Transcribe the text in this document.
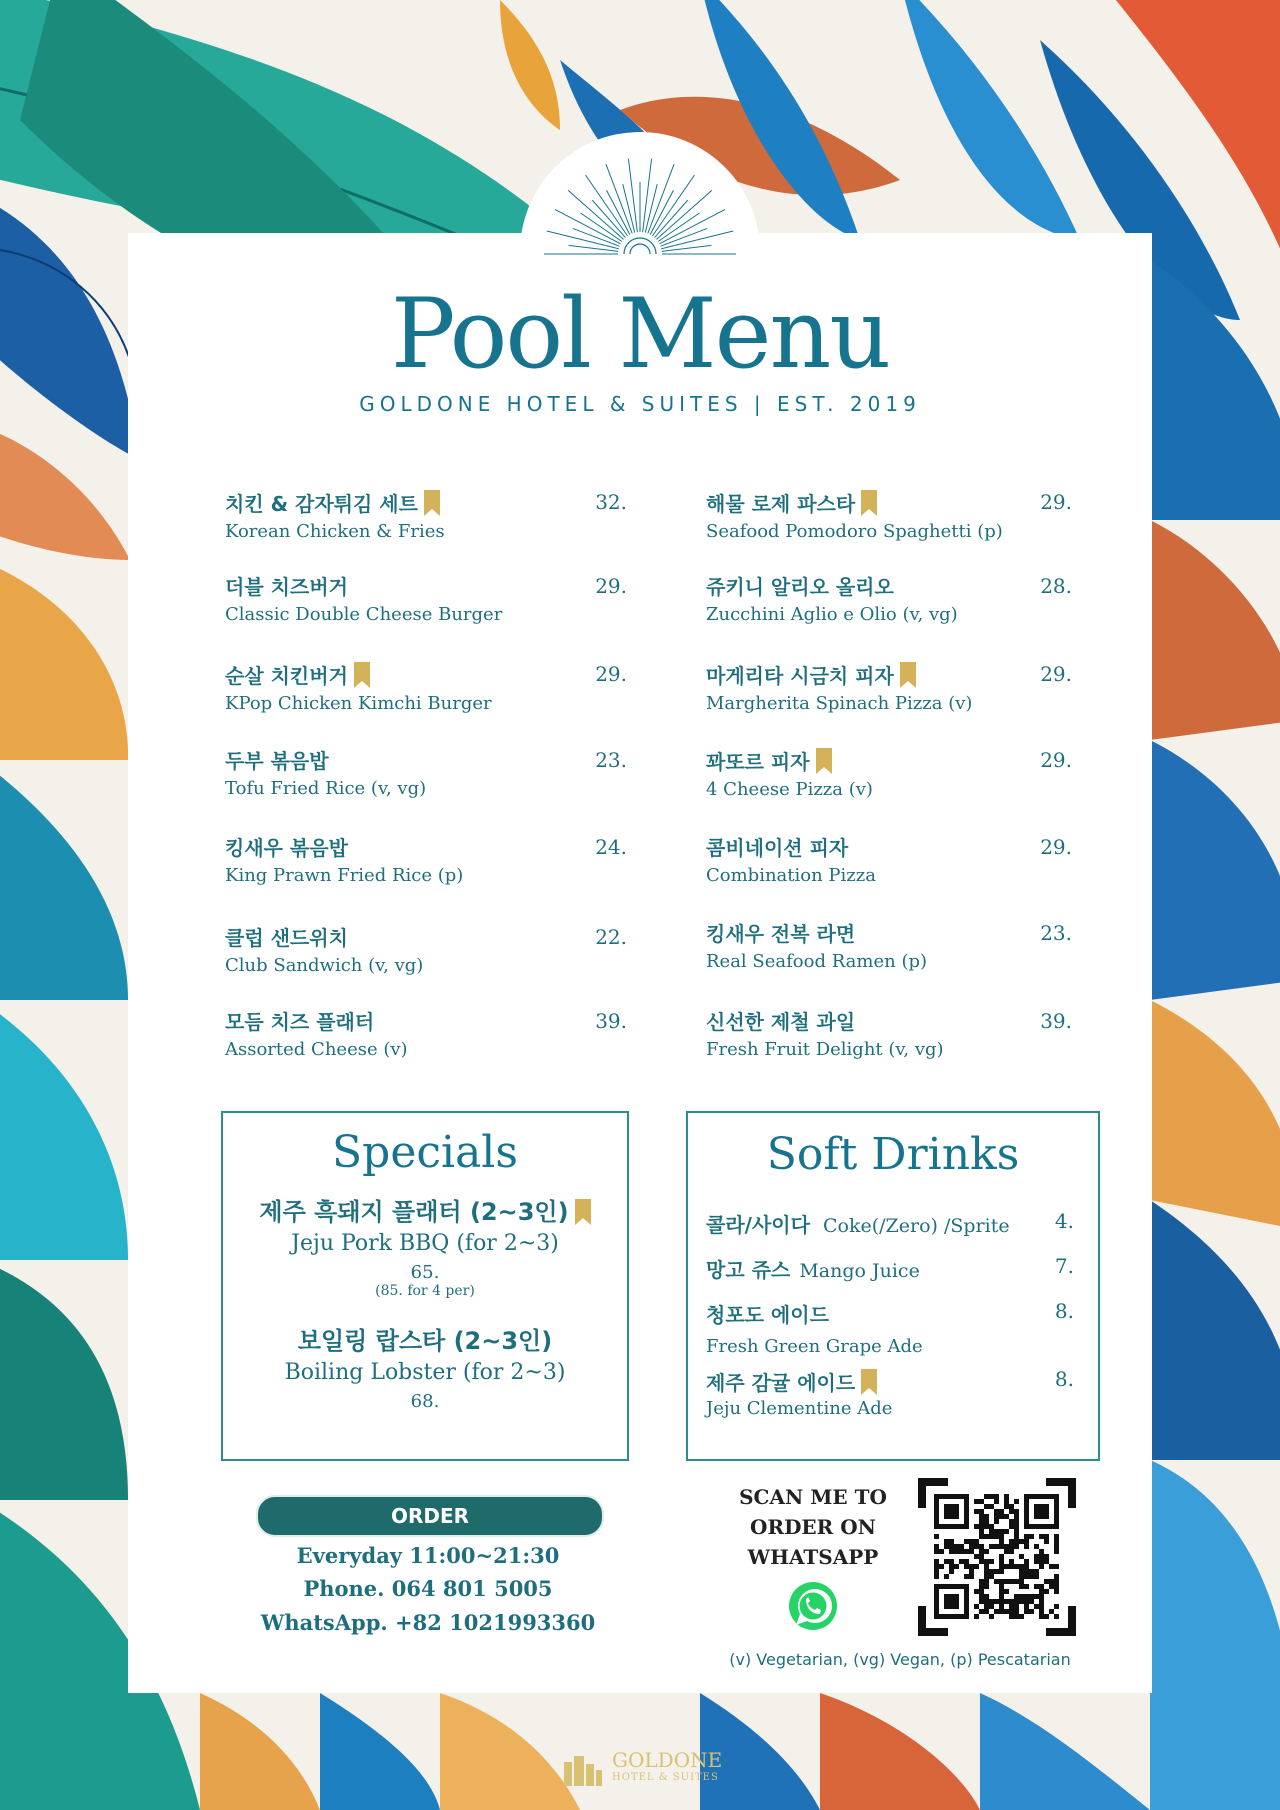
Pool Menu
GOLDONE HOTEL & SUITES | EST. 2019
치킨 & 감자튀김 세트
Korean Chicken & Fries
32.
더블 치즈버거
Classic Double Cheese Burger
29.
순살 치킨버거
KPop Chicken Kimchi Burger
29.
두부 볶음밥
Tofu Fried Rice (v, vg)
23.
킹새우 볶음밥
King Prawn Fried Rice (p)
24.
클럽 샌드위치
Club Sandwich (v, vg)
22.
모듬 치즈 플래터
Assorted Cheese (v)
39.
해물 로제 파스타
Seafood Pomodoro Spaghetti (p)
29.
쥬키니 알리오 올리오
Zucchini Aglio e Olio (v, vg)
28.
마게리타 시금치 피자
Margherita Spinach Pizza (v)
29.
꽈또르 피자
4 Cheese Pizza (v)
29.
콤비네이션 피자
Combination Pizza
29.
킹새우 전복 라면
Real Seafood Ramen (p)
23.
신선한 제철 과일
Fresh Fruit Delight (v, vg)
39.
Specials
제주 흑돼지 플래터 (2~3인)
Jeju Pork BBQ (for 2~3)
65.
(85. for 4 per)
보일링 랍스타 (2~3인)
Boiling Lobster (for 2~3)
68.
Soft Drinks
콜라/사이다 Coke(/Zero) /Sprite 4.
망고 쥬스 Mango Juice	7.
청포도 에이드
Fresh Green Grape Ade
8.
제주 감귤 에이드
Jeju Clementine Ade
8.
ORDER
Everyday 11:00~21:30
Phone. 064 801 5005
WhatsApp. +82 1021993360
SCAN ME TO
ORDER ON
WHATSAPP
(v) Vegetarian, (vg) Vegan, (p) Pescatarian
GOLDONE
HOTEL & SUITES
